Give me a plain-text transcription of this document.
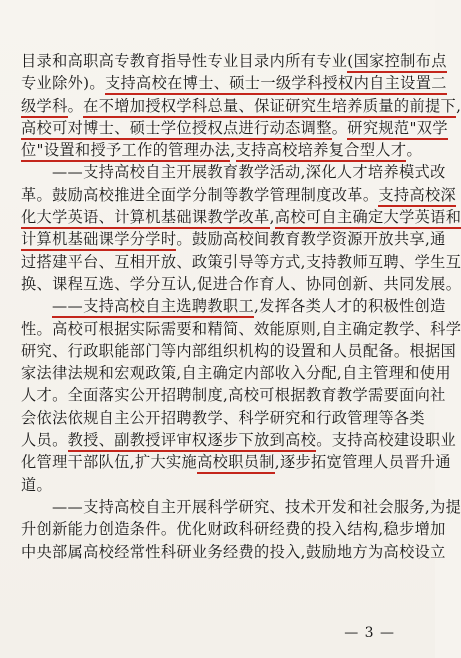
目录和高职高专教育指导性专业目录内所有专业(国家控制布点
专业除外)。支持高校在博士、硕士一级学科授权内自主设置二
级学科。在不增加授权学科总量、保证研究生培养质量的前提下,
高校可对博士、硕士学位授权点进行动态调整。研究规范"双学
位"设置和授予工作的管理办法,支持高校培养复合型人才。
——支持高校自主开展教育教学活动,深化人才培养模式改
革。鼓励高校推进全面学分制等教学管理制度改革。支持高校深
化大学英语、计算机基础课教学改革,高校可自主确定大学英语和
计算机基础课学分学时。鼓励高校间教育教学资源开放共享,通
过搭建平台、互相开放、政策引导等方式,支持教师互聘、学生互
换、课程互选、学分互认,促进合作育人、协同创新、共同发展。
——支持高校自主选聘教职工,发挥各类人才的积极性创造
性。高校可根据实际需要和精简、效能原则,自主确定教学、科学
研究、行政职能部门等内部组织机构的设置和人员配备。根据国
家法律法规和宏观政策,自主确定内部收入分配,自主管理和使用
人才。全面落实公开招聘制度,高校可根据教育教学需要面向社
会依法依规自主公开招聘教学、科学研究和行政管理等各类
人员。教授、副教授评审权逐步下放到高校。支持高校建设职业
化管理干部队伍,扩大实施高校职员制,逐步拓宽管理人员晋升通
道。
——支持高校自主开展科学研究、技术开发和社会服务,为提
升创新能力创造条件。优化财政科研经费的投入结构,稳步增加
中央部属高校经常性科研业务经费的投入,鼓励地方为高校设立
— 3 —
